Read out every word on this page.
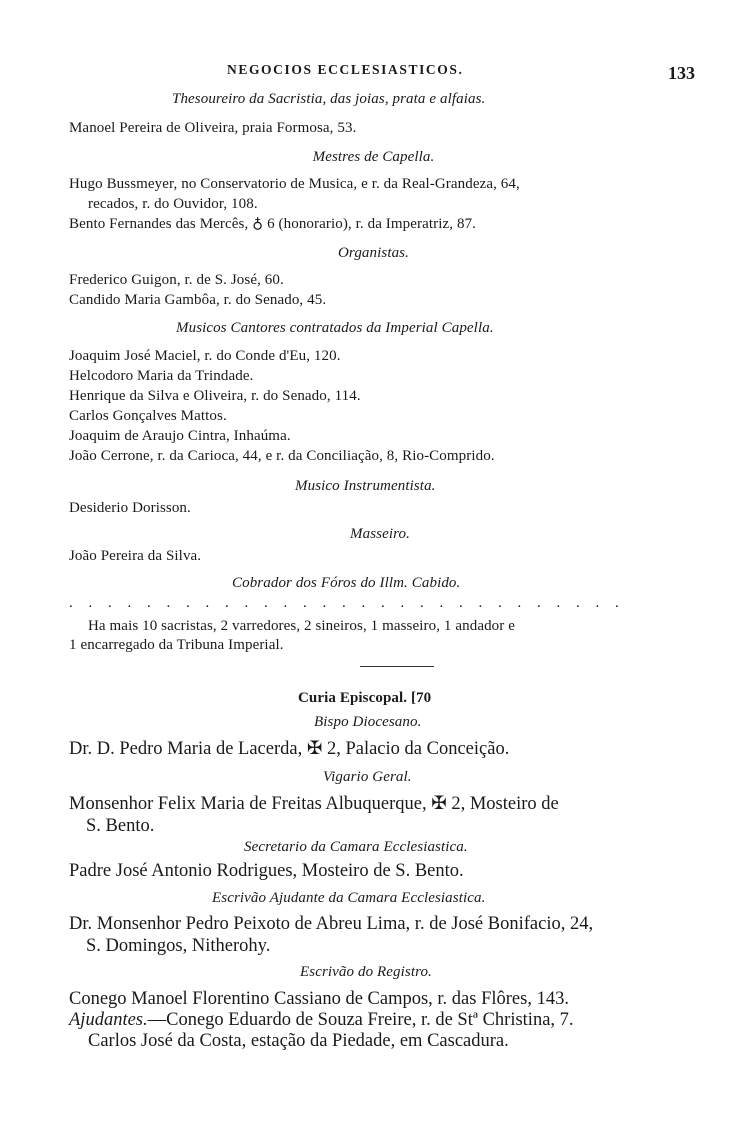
NEGOCIOS ECCLESIASTICOS.	133
Thesoureiro da Sacristia, das joias, prata e alfaias.
Manoel Pereira de Oliveira, praia Formosa, 53.
Mestres de Capella.
Hugo Bussmeyer, no Conservatorio de Musica, e r. da Real-Grandeza, 64,
recados, r. do Ouvidor, 108.
Bento Fernandes das Mercês, ♁ 6 (honorario), r. da Imperatriz, 87.
Organistas.
Frederico Guigon, r. de S. José, 60.
Candido Maria Gambôa, r. do Senado, 45.
Musicos Cantores contratados da Imperial Capella.
Joaquim José Maciel, r. do Conde d'Eu, 120.
Helcodoro Maria da Trindade.
Henrique da Silva e Oliveira, r. do Senado, 114.
Carlos Gonçalves Mattos.
Joaquim de Araujo Cintra, Inhaúma.
João Cerrone, r. da Carioca, 44, e r. da Conciliação, 8, Rio-Comprido.
Musico Instrumentista.
Desiderio Dorisson.
Masseiro.
João Pereira da Silva.
Cobrador dos Fóros do Illm. Cabido.
. . . . . . . . . . . . . . . . . . . . . . . . . . . . .
Ha mais 10 sacristas, 2 varredores, 2 sineiros, 1 masseiro, 1 andador e
1 encarregado da Tribuna Imperial.
Curia Episcopal. [70
Bispo Diocesano.
Dr. D. Pedro Maria de Lacerda, ✠ 2, Palacio da Conceição.
Vigario Geral.
Monsenhor Felix Maria de Freitas Albuquerque, ✠ 2, Mosteiro de
S. Bento.
Secretario da Camara Ecclesiastica.
Padre José Antonio Rodrigues, Mosteiro de S. Bento.
Escrivão Ajudante da Camara Ecclesiastica.
Dr. Monsenhor Pedro Peixoto de Abreu Lima, r. de José Bonifacio, 24,
S. Domingos, Nitherohy.
Escrivão do Registro.
Conego Manoel Florentino Cassiano de Campos, r. das Flôres, 143.
Ajudantes.—Conego Eduardo de Souza Freire, r. de Stª Christina, 7.
Carlos José da Costa, estação da Piedade, em Cascadura.
